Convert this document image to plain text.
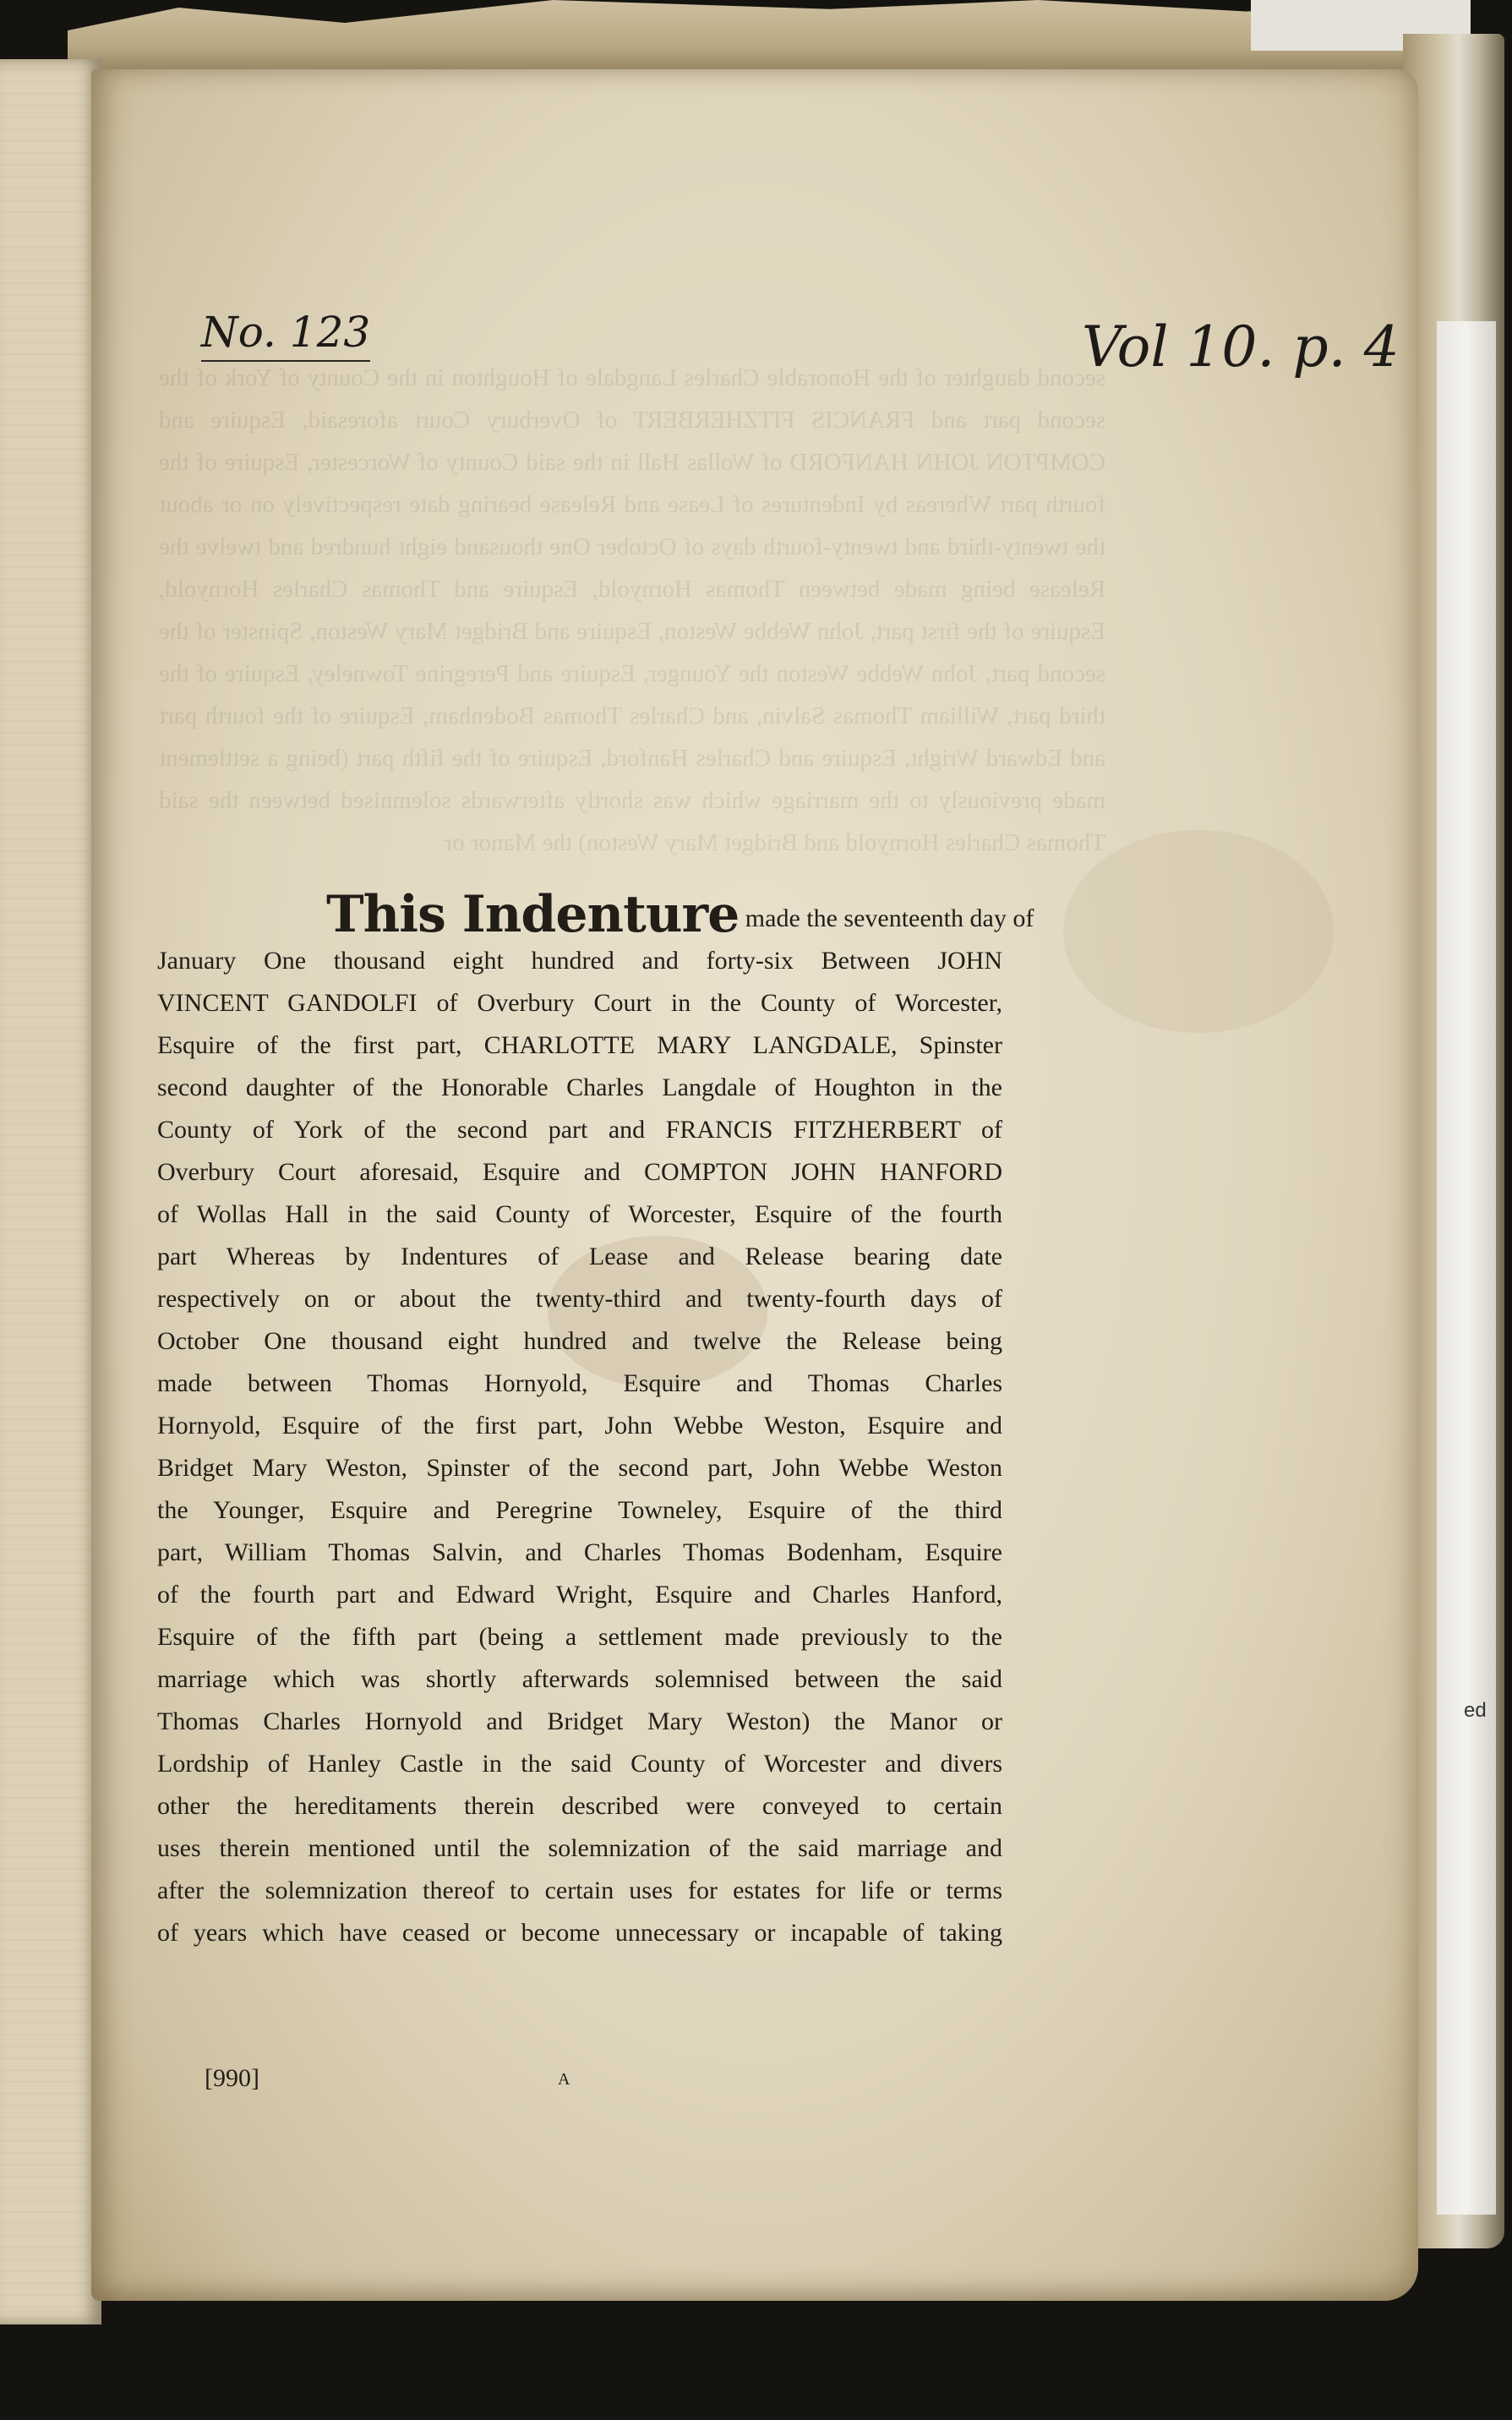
ed
second daughter of the Honorable Charles Langdale of Houghton in the County of York of the second part and FRANCIS FITZHERBERT of Overbury Court aforesaid, Esquire and COMPTON JOHN HANFORD of Wollas Hall in the said County of Worcester, Esquire of the fourth part Whereas by Indentures of Lease and Release bearing date respectively on or about the twenty-third and twenty-fourth days of October One thousand eight hundred and twelve the Release being made between Thomas Hornyold, Esquire and Thomas Charles Hornyold, Esquire of the first part, John Webbe Weston, Esquire and Bridget Mary Weston, Spinster of the second part, John Webbe Weston the Younger, Esquire and Peregrine Towneley, Esquire of the third part, William Thomas Salvin, and Charles Thomas Bodenham, Esquire of the fourth part and Edward Wright, Esquire and Charles Hanford, Esquire of the fifth part (being a settlement made previously to the marriage which was shortly afterwards solemnised between the said Thomas Charles Hornyold and Bridget Mary Weston) the Manor or
No. 123	Vol 10. p. 4
This Indenture made the seventeenth day of
January One thousand eight hundred and forty-six Between JOHN
VINCENT GANDOLFI of Overbury Court in the County of Worcester,
Esquire of the first part, CHARLOTTE MARY LANGDALE, Spinster
second daughter of the Honorable Charles Langdale of Houghton in the
County of York of the second part and FRANCIS FITZHERBERT of
Overbury Court aforesaid, Esquire and COMPTON JOHN HANFORD
of Wollas Hall in the said County of Worcester, Esquire of the fourth
part Whereas by Indentures of Lease and Release bearing date
respectively on or about the twenty-third and twenty-fourth days of
October One thousand eight hundred and twelve the Release being
made between Thomas Hornyold, Esquire and Thomas Charles
Hornyold, Esquire of the first part, John Webbe Weston, Esquire and
Bridget Mary Weston, Spinster of the second part, John Webbe Weston
the Younger, Esquire and Peregrine Towneley, Esquire of the third
part, William Thomas Salvin, and Charles Thomas Bodenham, Esquire
of the fourth part and Edward Wright, Esquire and Charles Hanford,
Esquire of the fifth part (being a settlement made previously to the
marriage which was shortly afterwards solemnised between the said
Thomas Charles Hornyold and Bridget Mary Weston) the Manor or
Lordship of Hanley Castle in the said County of Worcester and divers
other the hereditaments therein described were conveyed to certain
uses therein mentioned until the solemnization of the said marriage and
after the solemnization thereof to certain uses for estates for life or terms
of years which have ceased or become unnecessary or incapable of taking
[990]	A
